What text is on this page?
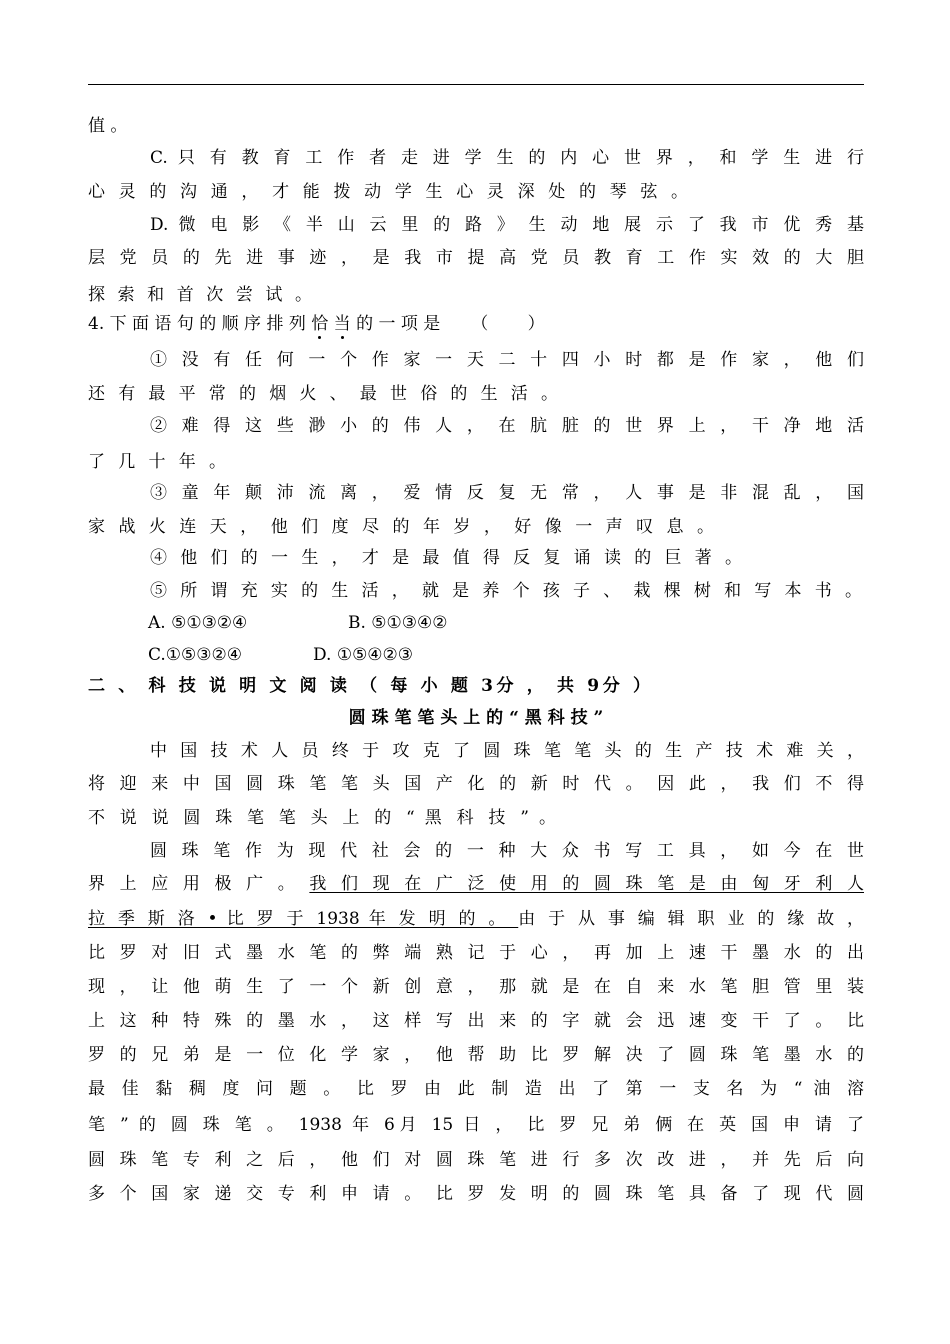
值 。
C. 只 有 教 育 工 作 者 走 进 学 生 的 内 心 世 界 ， 和 学 生 进 行
心 灵 的 沟 通 ， 才 能 拨 动 学 生 心 灵 深 处 的 琴 弦 。
D. 微 电 影 《 半 山 云 里 的 路 》 生 动 地 展 示 了 我 市 优 秀 基
层 党 员 的 先 进 事 迹 ， 是 我 市 提 高 党 员 教 育 工 作 实 效 的 大 胆
探 索 和 首 次 尝 试 。
4. 下 面 语 句 的 顺 序 排 列 恰 当 的 一 项 是 　　（　　 ）
① 没 有 任 何 一 个 作 家 一 天 二 十 四 小 时 都 是 作 家 ， 他 们
还 有 最 平 常 的 烟 火 、 最 世 俗 的 生 活 。
② 难 得 这 些 渺 小 的 伟 人 ， 在 肮 脏 的 世 界 上 ， 干 净 地 活
了 几 十 年 。
③ 童 年 颠 沛 流 离 ， 爱 情 反 复 无 常 ， 人 事 是 非 混 乱 ， 国
家 战 火 连 天 ， 他 们 度 尽 的 年 岁 ， 好 像 一 声 叹 息 。
④ 他 们 的 一 生 ， 才 是 最 值 得 反 复 诵 读 的 巨 著 。
⑤ 所 谓 充 实 的 生 活 ， 就 是 养 个 孩 子 、 栽 棵 树 和 写 本 书 。
A. ⑤①③②④	B. ⑤①③④②
C.①⑤③②④	D. ①⑤④②③
二 、 科 技 说 明 文 阅 读 （ 每 小 题 3分 ， 共 9分 ）
圆 珠 笔 笔 头 上 的 “ 黑 科 技 ”
中 国 技 术 人 员 终 于 攻 克 了 圆 珠 笔 笔 头 的 生 产 技 术 难 关 ，
将 迎 来 中 国 圆 珠 笔 笔 头 国 产 化 的 新 时 代 。 因 此 ， 我 们 不 得
不 说 说 圆 珠 笔 笔 头 上 的 “ 黑 科 技 ” 。
圆 珠 笔 作 为 现 代 社 会 的 一 种 大 众 书 写 工 具 ， 如 今 在 世
界 上 应 用 极 广 。 我 们 现 在 广 泛 使 用 的 圆 珠 笔 是 由 匈 牙 利 人
拉 季 斯 洛 • 比 罗 于 1938 年 发 明 的 。 由 于 从 事 编 辑 职 业 的 缘 故 ，
比 罗 对 旧 式 墨 水 笔 的 弊 端 熟 记 于 心 ， 再 加 上 速 干 墨 水 的 出
现 ， 让 他 萌 生 了 一 个 新 创 意 ， 那 就 是 在 自 来 水 笔 胆 管 里 装
上 这 种 特 殊 的 墨 水 ， 这 样 写 出 来 的 字 就 会 迅 速 变 干 了 。 比
罗 的 兄 弟 是 一 位 化 学 家 ， 他 帮 助 比 罗 解 决 了 圆 珠 笔 墨 水 的
最 佳 黏 稠 度 问 题 。 比 罗 由 此 制 造 出 了 第 一 支 名 为 “ 油 溶
笔 ” 的 圆 珠 笔 。 1938 年 6月 15 日 ， 比 罗 兄 弟 俩 在 英 国 申 请 了
圆 珠 笔 专 利 之 后 ， 他 们 对 圆 珠 笔 进 行 多 次 改 进 ， 并 先 后 向
多 个 国 家 递 交 专 利 申 请 。 比 罗 发 明 的 圆 珠 笔 具 备 了 现 代 圆
